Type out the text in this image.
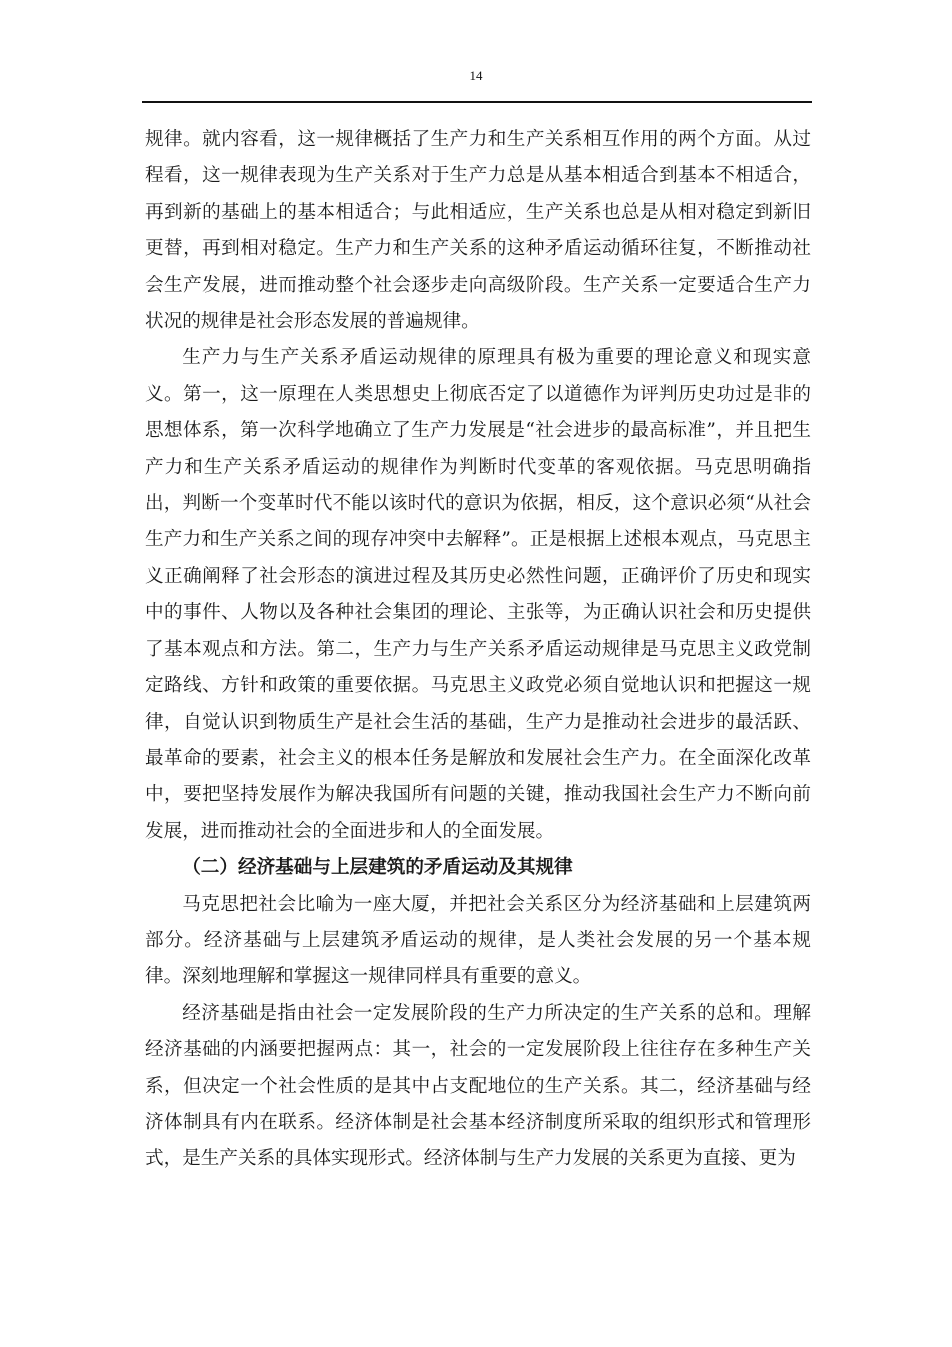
14

规律。就内容看，这一规律概括了生产力和生产关系相互作用的两个方面。从过程看，这一规律表现为生产关系对于生产力总是从基本相适合到基本不相适合，再到新的基础上的基本相适合；与此相适应，生产关系也总是从相对稳定到新旧更替，再到相对稳定。生产力和生产关系的这种矛盾运动循环往复，不断推动社会生产发展，进而推动整个社会逐步走向高级阶段。生产关系一定要适合生产力状况的规律是社会形态发展的普遍规律。

生产力与生产关系矛盾运动规律的原理具有极为重要的理论意义和现实意义。第一，这一原理在人类思想史上彻底否定了以道德作为评判历史功过是非的思想体系，第一次科学地确立了生产力发展是“社会进步的最高标准”，并且把生产力和生产关系矛盾运动的规律作为判断时代变革的客观依据。马克思明确指出，判断一个变革时代不能以该时代的意识为依据，相反，这个意识必须“从社会生产力和生产关系之间的现存冲突中去解释”。正是根据上述根本观点，马克思主义正确阐释了社会形态的演进过程及其历史必然性问题，正确评价了历史和现实中的事件、人物以及各种社会集团的理论、主张等，为正确认识社会和历史提供了基本观点和方法。第二，生产力与生产关系矛盾运动规律是马克思主义政党制定路线、方针和政策的重要依据。马克思主义政党必须自觉地认识和把握这一规律，自觉认识到物质生产是社会生活的基础，生产力是推动社会进步的最活跃、最革命的要素，社会主义的根本任务是解放和发展社会生产力。在全面深化改革中，要把坚持发展作为解决我国所有问题的关键，推动我国社会生产力不断向前发展，进而推动社会的全面进步和人的全面发展。

（二）经济基础与上层建筑的矛盾运动及其规律

马克思把社会比喻为一座大厦，并把社会关系区分为经济基础和上层建筑两部分。经济基础与上层建筑矛盾运动的规律，是人类社会发展的另一个基本规律。深刻地理解和掌握这一规律同样具有重要的意义。

经济基础是指由社会一定发展阶段的生产力所决定的生产关系的总和。理解经济基础的内涵要把握两点：其一，社会的一定发展阶段上往往存在多种生产关系，但决定一个社会性质的是其中占支配地位的生产关系。其二，经济基础与经济体制具有内在联系。经济体制是社会基本经济制度所采取的组织形式和管理形式，是生产关系的具体实现形式。经济体制与生产力发展的关系更为直接、更为
